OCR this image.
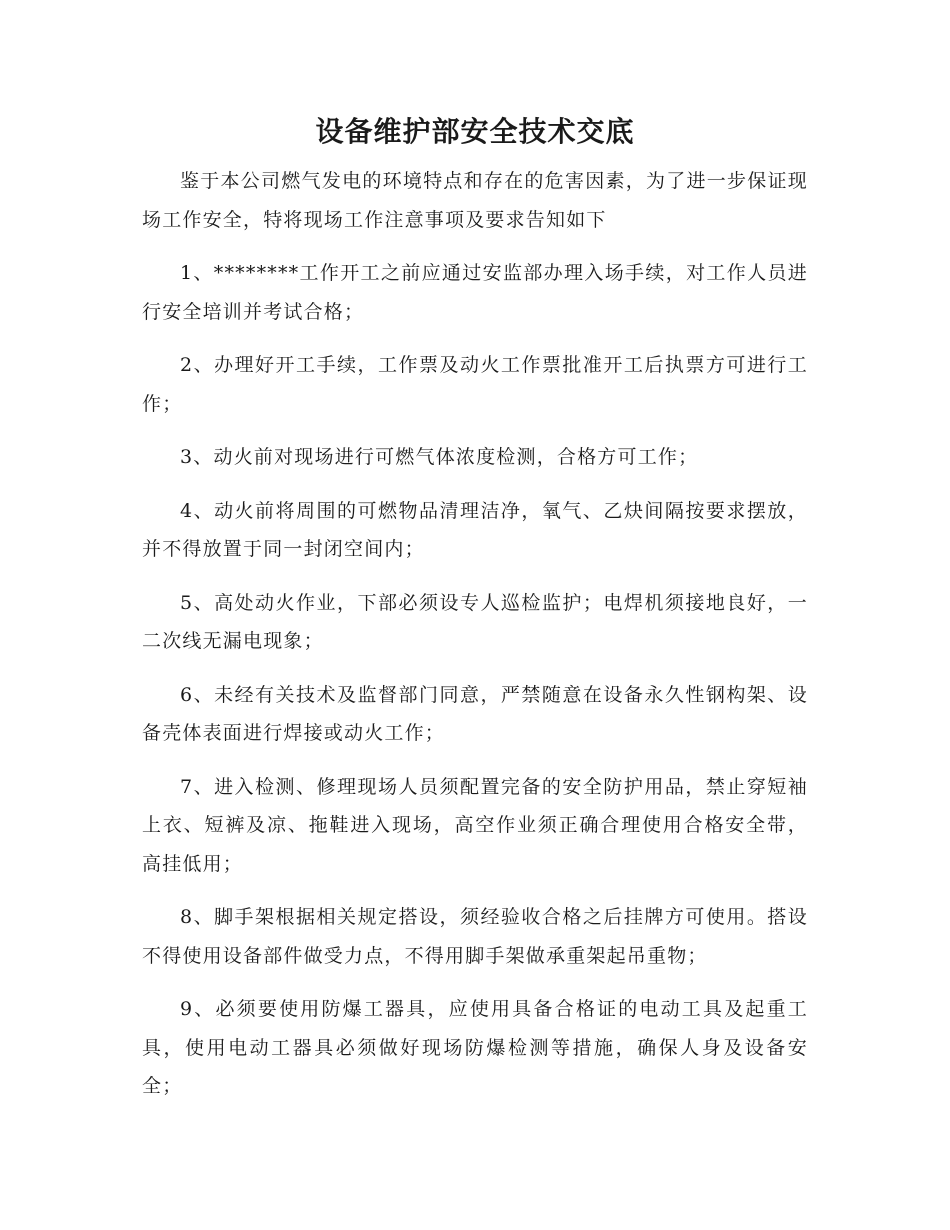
设备维护部安全技术交底

鉴于本公司燃气发电的环境特点和存在的危害因素，为了进一步保证现场工作安全，特将现场工作注意事项及要求告知如下

1、********工作开工之前应通过安监部办理入场手续，对工作人员进行安全培训并考试合格；

2、办理好开工手续，工作票及动火工作票批准开工后执票方可进行工作；

3、动火前对现场进行可燃气体浓度检测，合格方可工作；

4、动火前将周围的可燃物品清理洁净，氧气、乙炔间隔按要求摆放，并不得放置于同一封闭空间内；

5、高处动火作业，下部必须设专人巡检监护；电焊机须接地良好，一二次线无漏电现象；

6、未经有关技术及监督部门同意，严禁随意在设备永久性钢构架、设备壳体表面进行焊接或动火工作；

7、进入检测、修理现场人员须配置完备的安全防护用品，禁止穿短袖上衣、短裤及凉、拖鞋进入现场，高空作业须正确合理使用合格安全带，高挂低用；

8、脚手架根据相关规定搭设，须经验收合格之后挂牌方可使用。搭设不得使用设备部件做受力点，不得用脚手架做承重架起吊重物；

9、必须要使用防爆工器具，应使用具备合格证的电动工具及起重工具，使用电动工器具必须做好现场防爆检测等措施，确保人身及设备安全；
